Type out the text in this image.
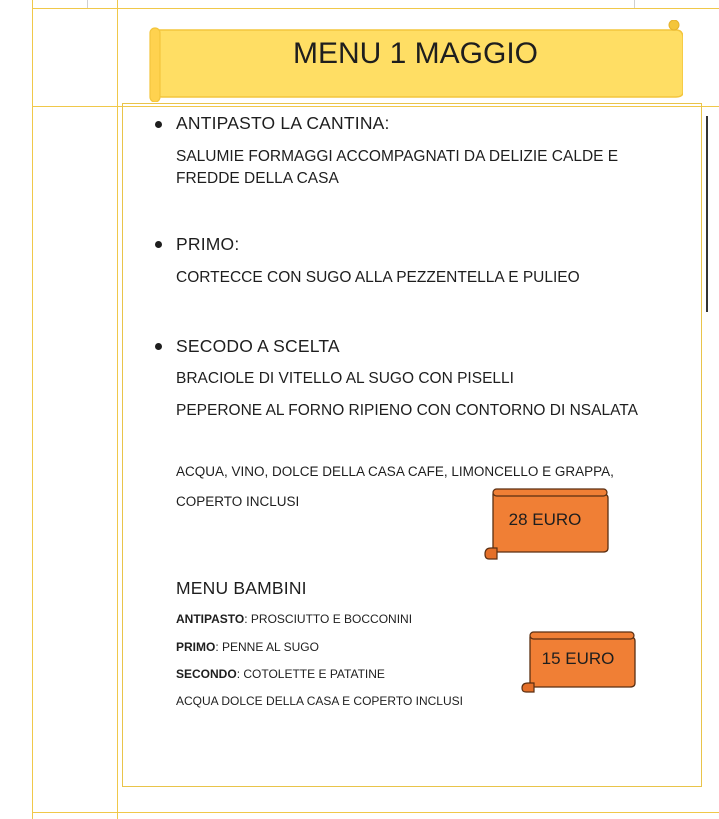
MENU 1 MAGGIO
ANTIPASTO LA CANTINA:
SALUMIE FORMAGGI ACCOMPAGNATI DA DELIZIE CALDE E
FREDDE DELLA CASA
PRIMO:
CORTECCE CON SUGO ALLA PEZZENTELLA E PULIEO
SECODO A SCELTA
BRACIOLE DI VITELLO AL SUGO CON PISELLI
PEPERONE AL FORNO RIPIENO CON CONTORNO DI NSALATA
ACQUA, VINO, DOLCE DELLA CASA CAFE, LIMONCELLO E GRAPPA,
COPERTO INCLUSI
28 EURO
MENU BAMBINI
ANTIPASTO: PROSCIUTTO E BOCCONINI
PRIMO: PENNE AL SUGO
SECONDO: COTOLETTE E PATATINE
ACQUA DOLCE DELLA CASA E COPERTO INCLUSI
15 EURO
